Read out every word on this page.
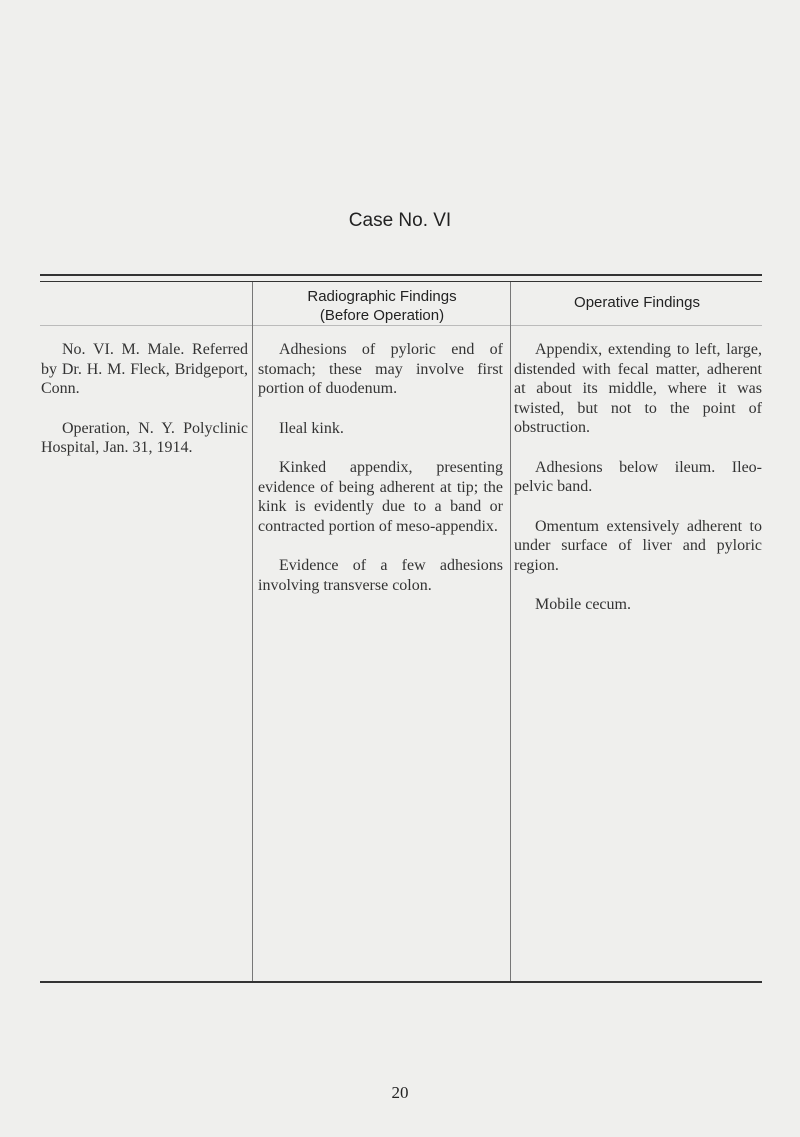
Case No. VI
Radiographic Findings
(Before Operation)
Operative Findings

No. VI. M. Male. Referred by Dr. H. M. Fleck, Bridgeport, Conn.

Operation, N. Y. Polyclinic Hospital, Jan. 31, 1914.

Adhesions of pyloric end of stomach; these may involve first portion of duodenum.

Ileal kink.

Kinked appendix, presenting evidence of being adherent at tip; the kink is evidently due to a band or contracted portion of meso-appendix.

Evidence of a few adhesions involving transverse colon.

Appendix, extending to left, large, distended with fecal matter, adherent at about its middle, where it was twisted, but not to the point of obstruction.

Adhesions below ileum. Ileo-pelvic band.

Omentum extensively adherent to under surface of liver and pyloric region.

Mobile cecum.

20
